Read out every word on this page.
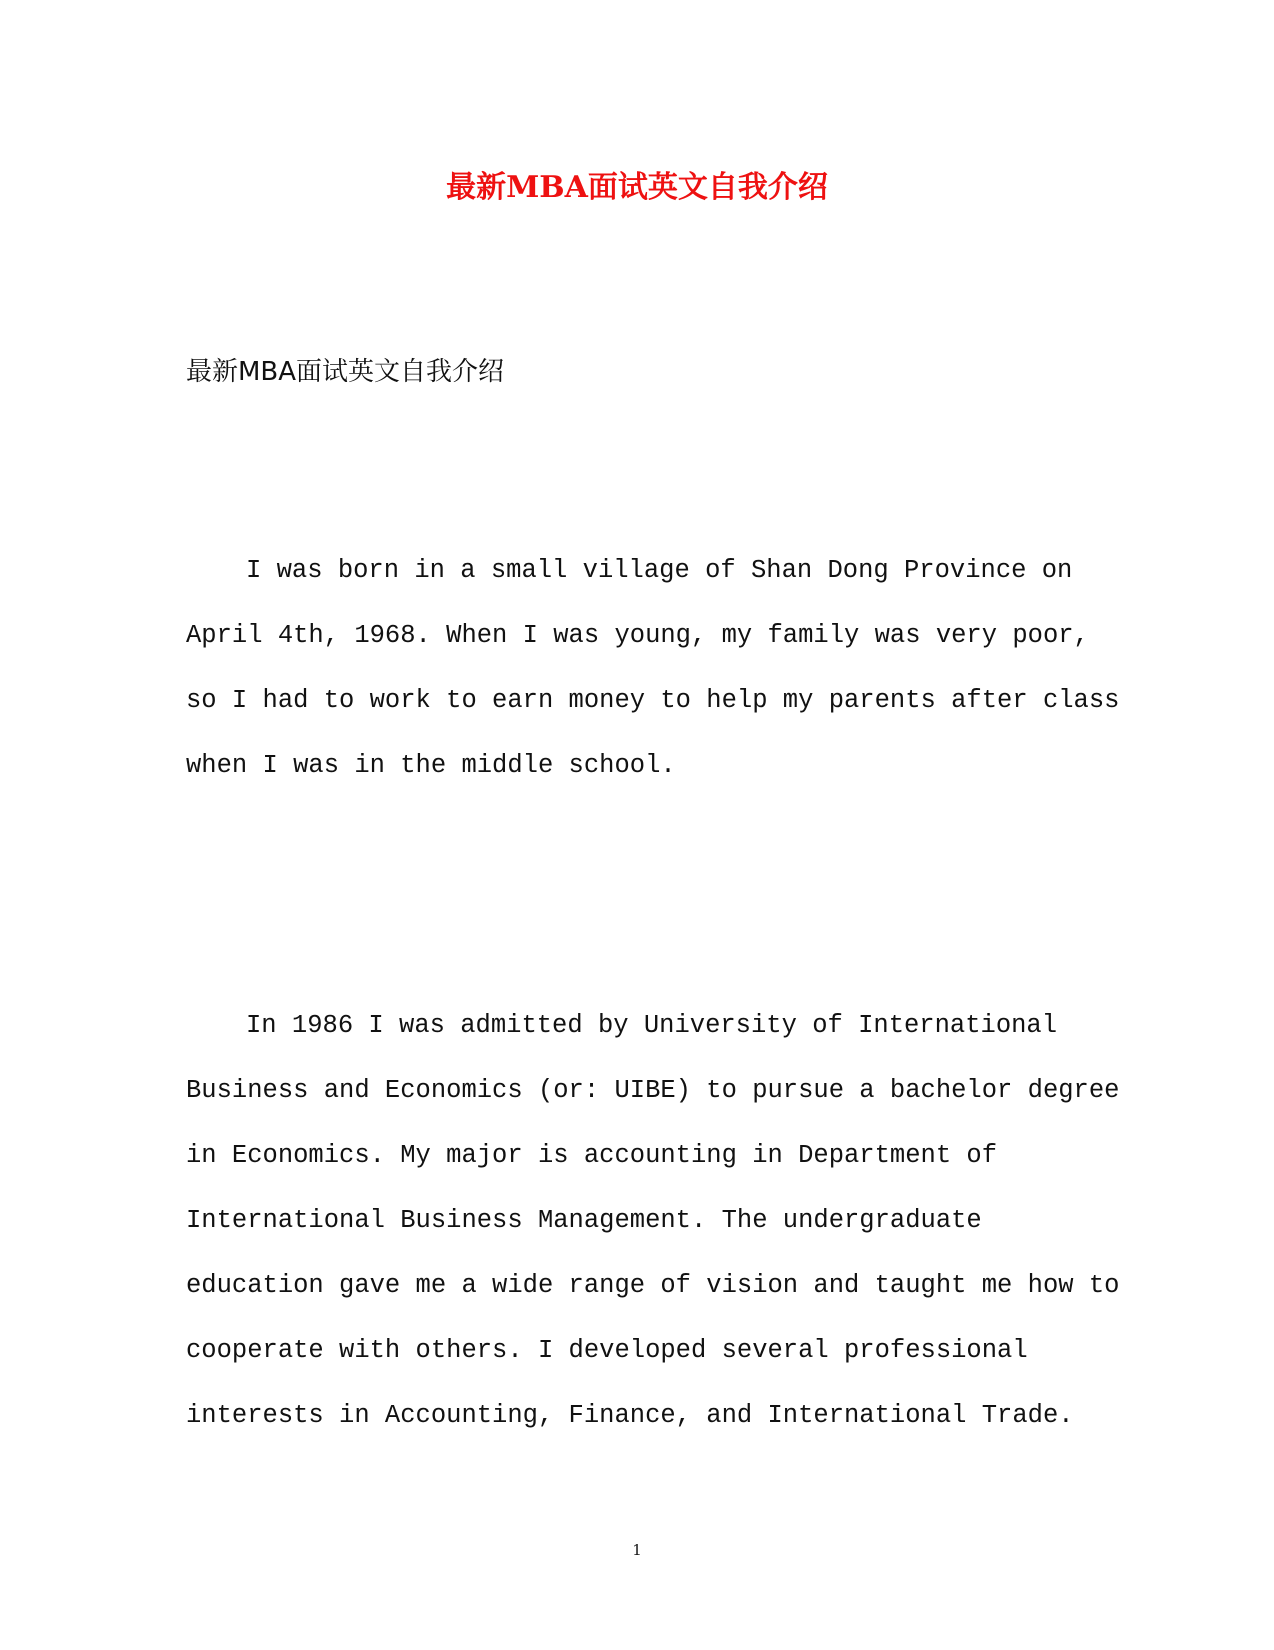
最新MBA面试英文自我介绍

最新MBA面试英文自我介绍

I was born in a small village of Shan Dong Province on
April 4th, 1968. When I was young, my family was very poor,
so I had to work to earn money to help my parents after class
when I was in the middle school.
In 1986 I was admitted by University of International
Business and Economics (or: UIBE) to pursue a bachelor degree
in Economics. My major is accounting in Department of
International Business Management. The undergraduate
education gave me a wide range of vision and taught me how to
cooperate with others. I developed several professional
interests in Accounting, Finance, and International Trade.

1
